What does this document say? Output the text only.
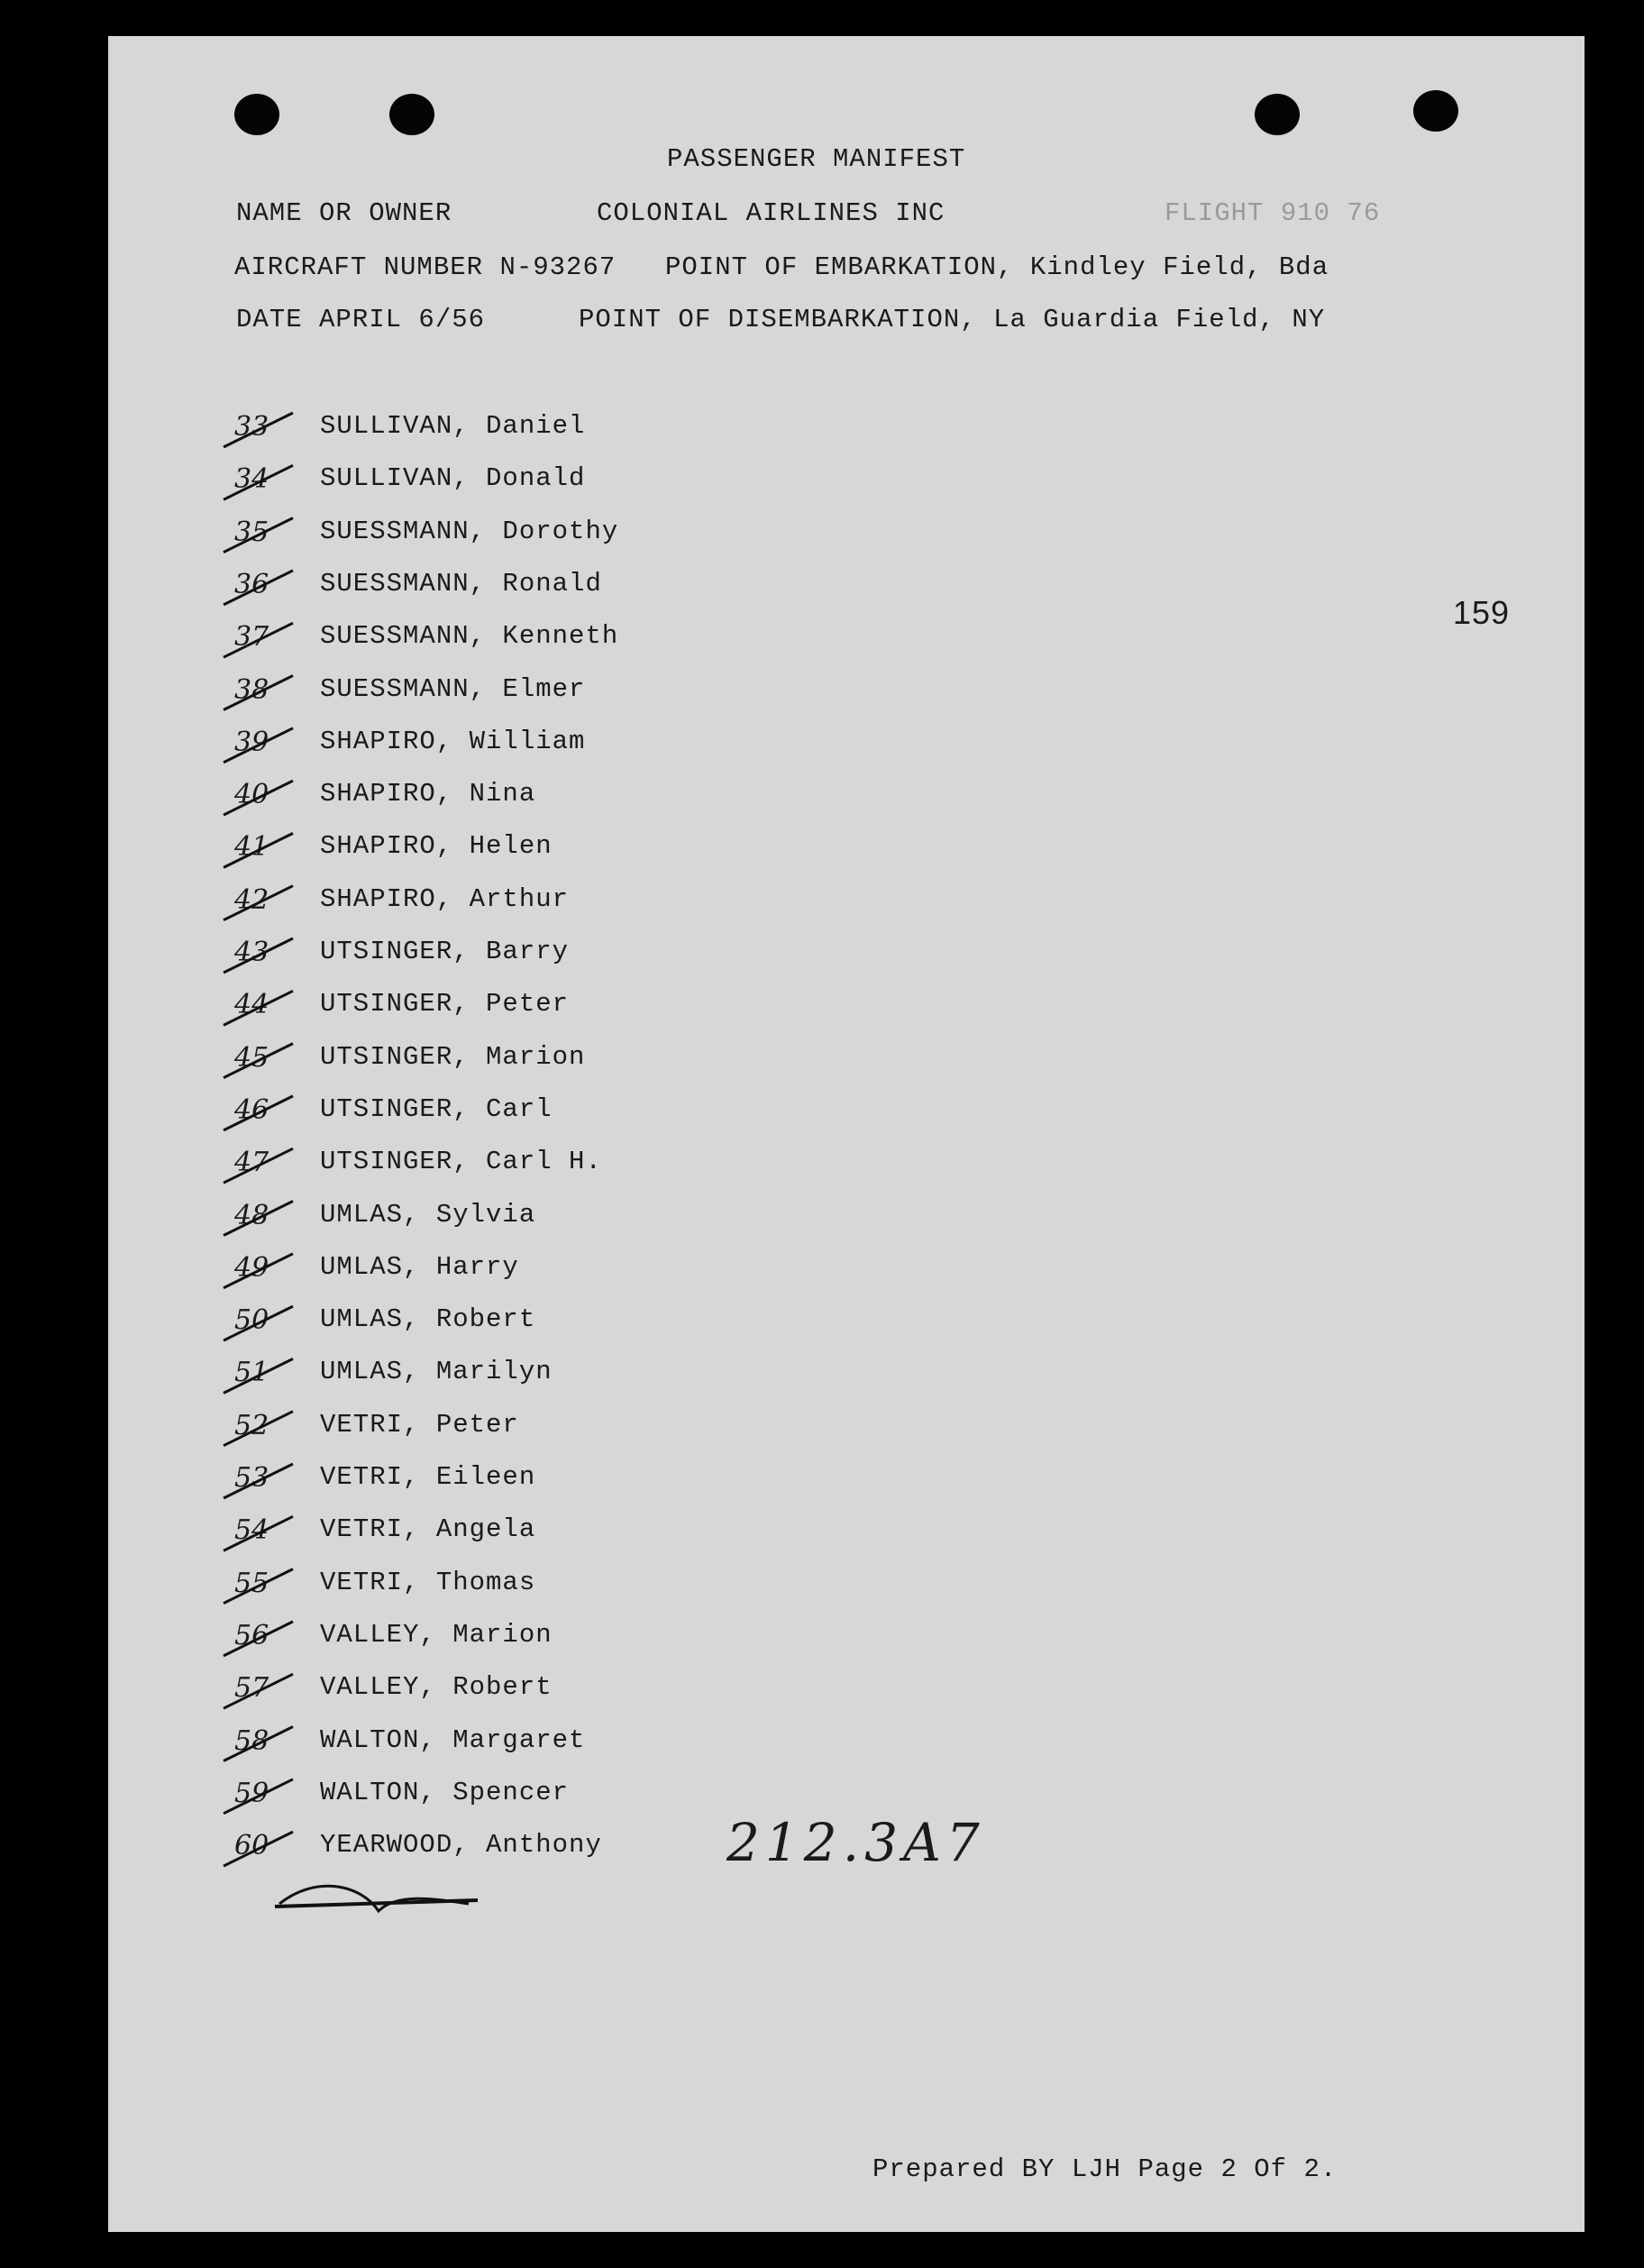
PASSENGER MANIFEST
NAME OR OWNER	COLONIAL AIRLINES INC	FLIGHT 910 76
AIRCRAFT NUMBER N-93267 POINT OF EMBARKATION, Kindley Field, Bda
DATE APRIL 6/56	POINT OF DISEMBARKATION, La Guardia Field, NY
159
33 SULLIVAN, Daniel
34 SULLIVAN, Donald
35 SUESSMANN, Dorothy
36 SUESSMANN, Ronald
37 SUESSMANN, Kenneth
38 SUESSMANN, Elmer
39 SHAPIRO, William
40 SHAPIRO, Nina
41 SHAPIRO, Helen
42 SHAPIRO, Arthur
43 UTSINGER, Barry
44 UTSINGER, Peter
45 UTSINGER, Marion
46 UTSINGER, Carl
47 UTSINGER, Carl H.
48 UMLAS, Sylvia
49 UMLAS, Harry
50 UMLAS, Robert
51 UMLAS, Marilyn
52 VETRI, Peter
53 VETRI, Eileen
54 VETRI, Angela
55 VETRI, Thomas
56 VALLEY, Marion
57 VALLEY, Robert
58 WALTON, Margaret
59 WALTON, Spencer
60 YEARWOOD, Anthony 212.3A7
Prepared BY LJH Page 2 Of 2.
